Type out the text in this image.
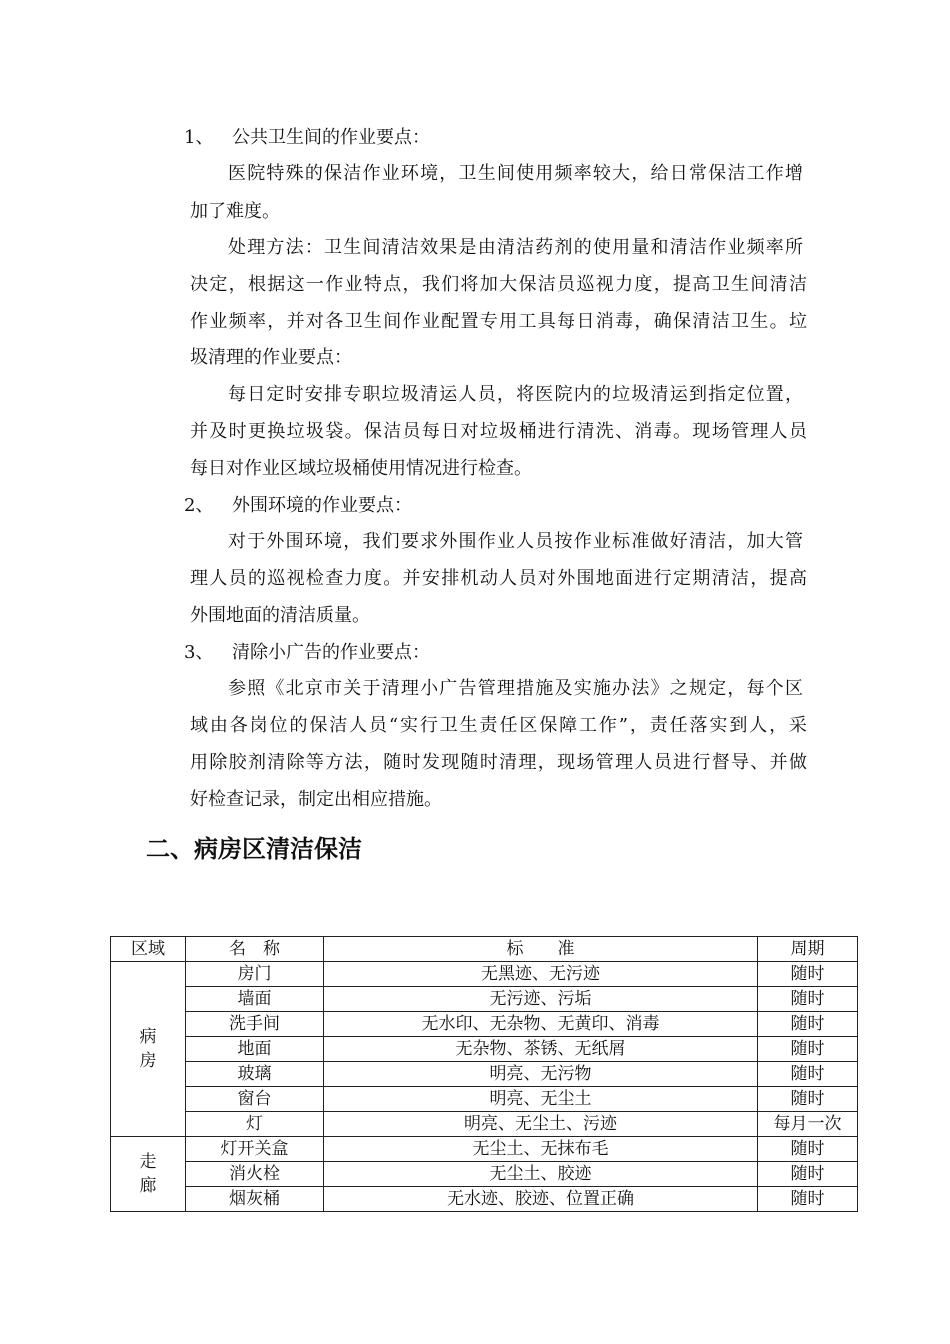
1、 公共卫生间的作业要点：
医院特殊的保洁作业环境，卫生间使用频率较大，给日常保洁工作增
加了难度。
处理方法：卫生间清洁效果是由清洁药剂的使用量和清洁作业频率所
决定，根据这一作业特点，我们将加大保洁员巡视力度，提高卫生间清洁
作业频率，并对各卫生间作业配置专用工具每日消毒，确保清洁卫生。垃
圾清理的作业要点：
每日定时安排专职垃圾清运人员，将医院内的垃圾清运到指定位置，
并及时更换垃圾袋。保洁员每日对垃圾桶进行清洗、消毒。现场管理人员
每日对作业区域垃圾桶使用情况进行检查。
2、 外围环境的作业要点：
对于外围环境，我们要求外围作业人员按作业标准做好清洁，加大管
理人员的巡视检查力度。并安排机动人员对外围地面进行定期清洁，提高
外围地面的清洁质量。
3、 清除小广告的作业要点：
参照《北京市关于清理小广告管理措施及实施办法》之规定，每个区
域由各岗位的保洁人员“实行卫生责任区保障工作”，责任落实到人，采
用除胶剂清除等方法，随时发现随时清理，现场管理人员进行督导、并做
好检查记录，制定出相应措施。
二、病房区清洁保洁
区域	名　称	标　　准	周期

病
房	房门	无黑迹、无污迹	随时
	墙面	无污迹、污垢	随时
	洗手间	无水印、无杂物、无黄印、消毒	随时
	地面	无杂物、茶锈、无纸屑	随时
	玻璃	明亮、无污物	随时
	窗台	明亮、无尘土	随时
	灯	明亮、无尘土、污迹	每月一次

走
廊	灯开关盒	无尘土、无抹布毛	随时
	消火栓	无尘土、胶迹	随时
	烟灰桶	无水迹、胶迹、位置正确	随时
